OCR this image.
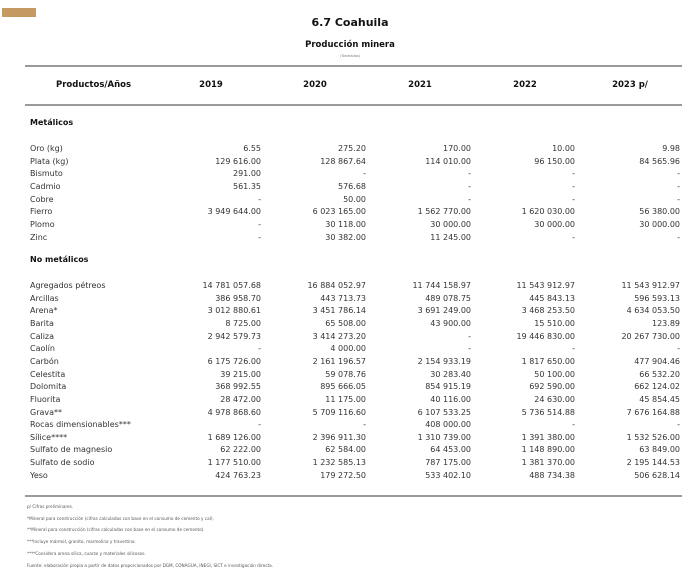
6.7 Coahuila
Producción minera
(Toneladas)
Productos/Años	2019	2020	2021	2022	2023 p/
Metálicos
Oro (kg)	6.55	275.20	170.00	10.00	9.98
Plata (kg)	129 616.00	128 867.64	114 010.00	96 150.00	84 565.96
Bismuto	291.00	-	-	-	-
Cadmio	561.35	576.68	-	-	-
Cobre	-	50.00	-	-	-
Fierro	3 949 644.00	6 023 165.00	1 562 770.00	1 620 030.00	56 380.00
Plomo	-	30 118.00	30 000.00	30 000.00	30 000.00
Zinc	-	30 382.00	11 245.00	-	-
No metálicos
Agregados pétreos	14 781 057.68	16 884 052.97	11 744 158.97	11 543 912.97	11 543 912.97
Arcillas	386 958.70	443 713.73	489 078.75	445 843.13	596 593.13
Arena*	3 012 880.61	3 451 786.14	3 691 249.00	3 468 253.50	4 634 053.50
Barita	8 725.00	65 508.00	43 900.00	15 510.00	123.89
Caliza	2 942 579.73	3 414 273.20	-	19 446 830.00	20 267 730.00
Caolín	-	4 000.00	-	-	-
Carbón	6 175 726.00	2 161 196.57	2 154 933.19	1 817 650.00	477 904.46
Celestita	39 215.00	59 078.76	30 283.40	50 100.00	66 532.20
Dolomita	368 992.55	895 666.05	854 915.19	692 590.00	662 124.02
Fluorita	28 472.00	11 175.00	40 116.00	24 630.00	45 854.45
Grava**	4 978 868.60	5 709 116.60	6 107 533.25	5 736 514.88	7 676 164.88
Rocas dimensionables***	-	-	408 000.00	-	-
Sílice****	1 689 126.00	2 396 911.30	1 310 739.00	1 391 380.00	1 532 526.00
Sulfato de magnesio	62 222.00	62 584.00	64 453.00	1 148 890.00	63 849.00
Sulfato de sodio	1 177 510.00	1 232 585.13	787 175.00	1 381 370.00	2 195 144.53
Yeso	424 763.23	179 272.50	533 402.10	488 734.38	506 628.14
p/ Cifras preliminares.
*Mineral para construcción (cifras calculadas con base en el consumo de cemento y cal).
**Mineral para construcción (cifras calculadas con base en el consumo de cemento).
***Incluye mármol, granito, marmolina y travertino.
****Considera arena sílica, cuarzo y materiales silícosos.
Fuente: elaboración propia a partir de datos proporcionados por DGM, CONAGUA, INEGI, SICT e investigación directa.
